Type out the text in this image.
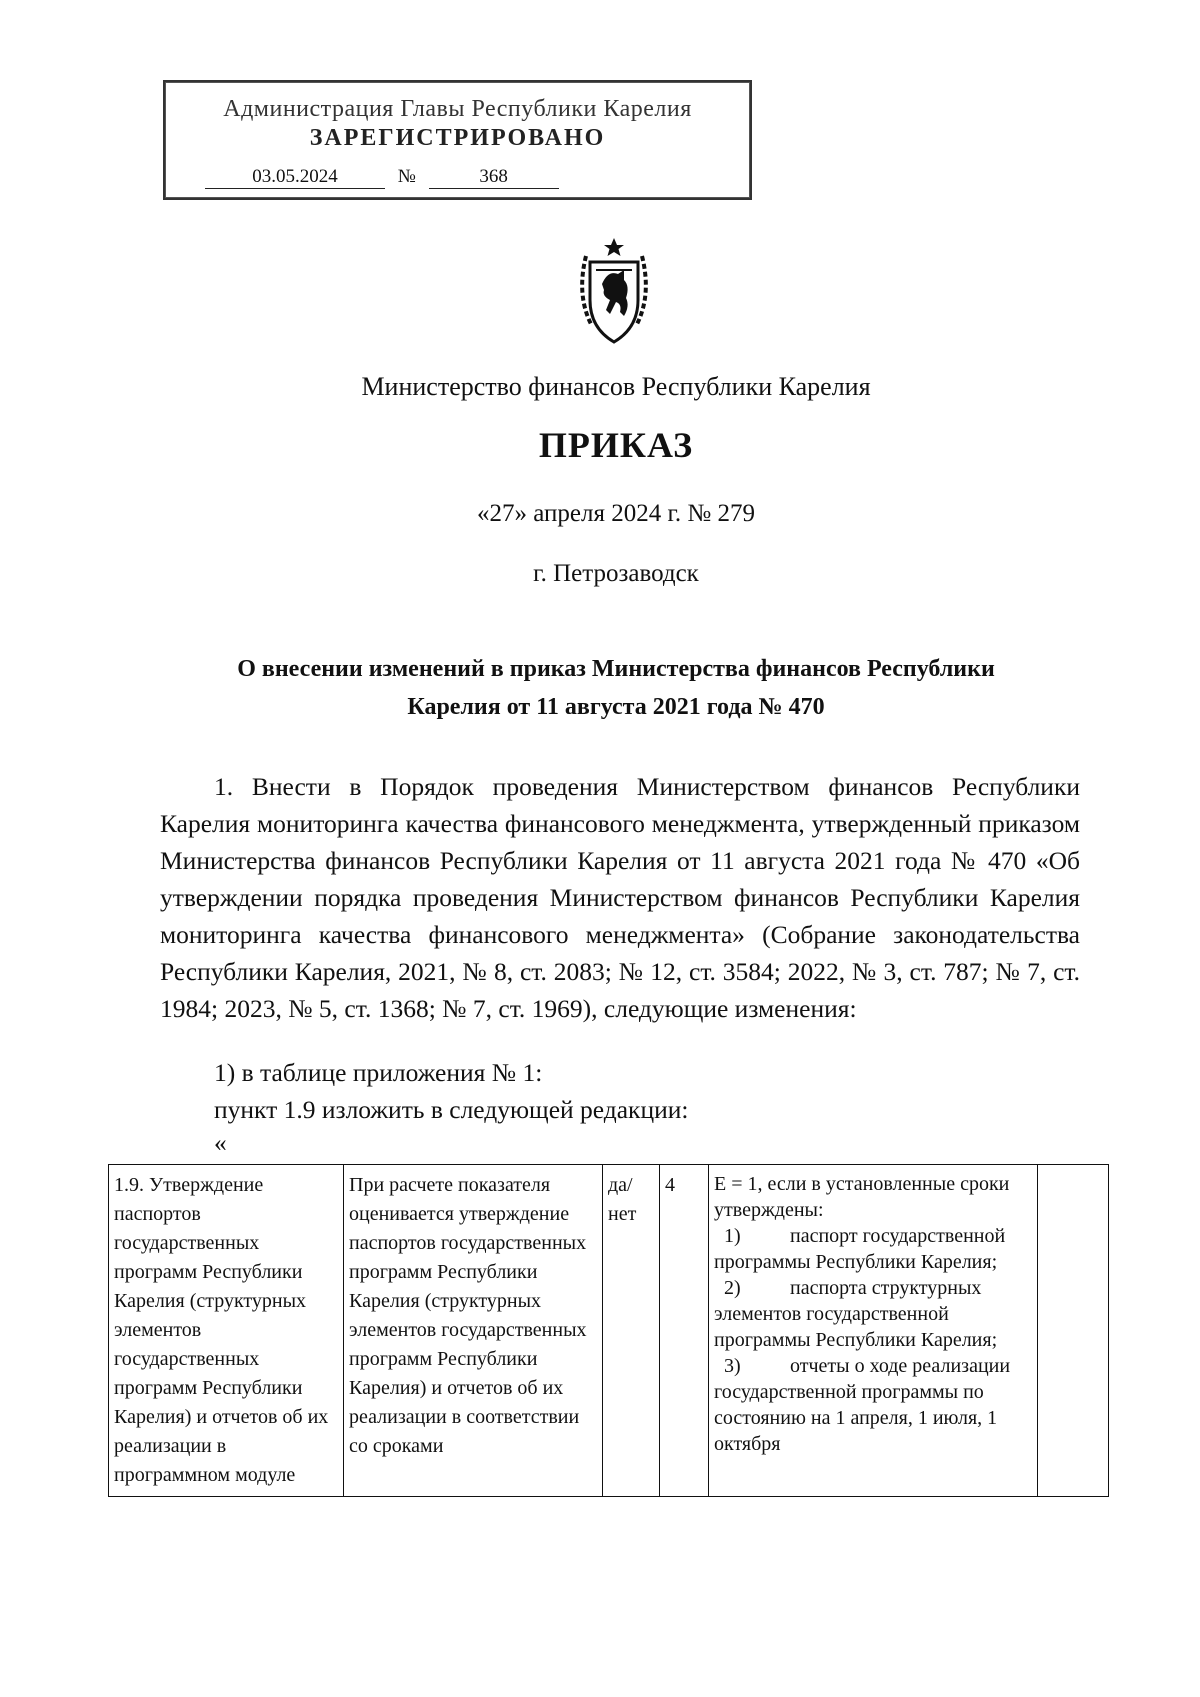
Администрация Главы Республики Карелия
ЗАРЕГИСТРИРОВАНО
03.05.2024	№	368
Министерство финансов Республики Карелия
ПРИКАЗ
«27» апреля 2024 г. № 279
г. Петрозаводск
О внесении изменений в приказ Министерства финансов Республики
Карелия от 11 августа 2021 года № 470
1. Внести в Порядок проведения Министерством финансов Республики Карелия мониторинга качества финансового менеджмента, утвержденный приказом Министерства финансов Республики Карелия от 11 августа 2021 года № 470 «Об утверждении порядка проведения Министерством финансов Республики Карелия мониторинга качества финансового менеджмента» (Собрание законодательства Республики Карелия, 2021, № 8, ст. 2083; № 12, ст. 3584; 2022, № 3, ст. 787; № 7, ст. 1984; 2023, № 5, ст. 1368; № 7, ст. 1969), следующие изменения:
1) в таблице приложения № 1:
пункт 1.9 изложить в следующей редакции:
«
1.9. Утверждение паспортов государственных программ Республики Карелия (структурных элементов государственных программ Республики Карелия) и отчетов об их реализации в программном модуле	При расчете показателя оценивается утверждение паспортов государственных программ Республики Карелия (структурных элементов государственных программ Республики Карелия) и отчетов об их реализации в соответствии со сроками	да/нет	4	E = 1, если в установленные сроки утверждены:
1) паспорт государственной программы Республики Карелия;
2) паспорта структурных элементов государственной программы Республики Карелия;
3) отчеты о ходе реализации государственной программы по состоянию на 1 апреля, 1 июля, 1 октября
